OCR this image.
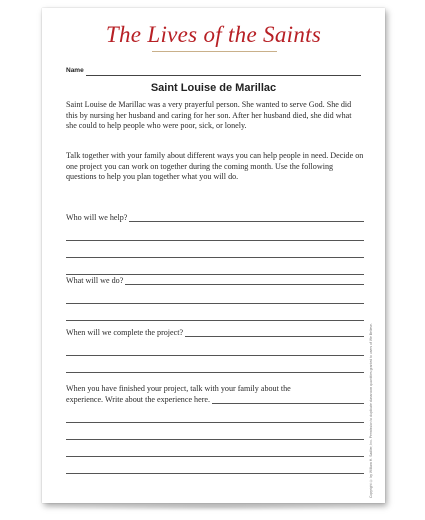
The Lives of the Saints
Name
Saint Louise de Marillac

Saint Louise de Marillac was a very prayerful person. She wanted to serve God. She did this by nursing her husband and caring for her son. After her husband died, she did what she could to help people who were poor, sick, or lonely.

Talk together with your family about different ways you can help people in need. Decide on one project you can work on together during the coming month. Use the following questions to help you plan together what you will do.

Who will we help?
What will we do?
When will we complete the project?
When you have finished your project, talk with your family about the
experience. Write about the experience here.	Copyright © by William H. Sadlier, Inc. Permission to duplicate classroom quantities granted to users of We Believe.
